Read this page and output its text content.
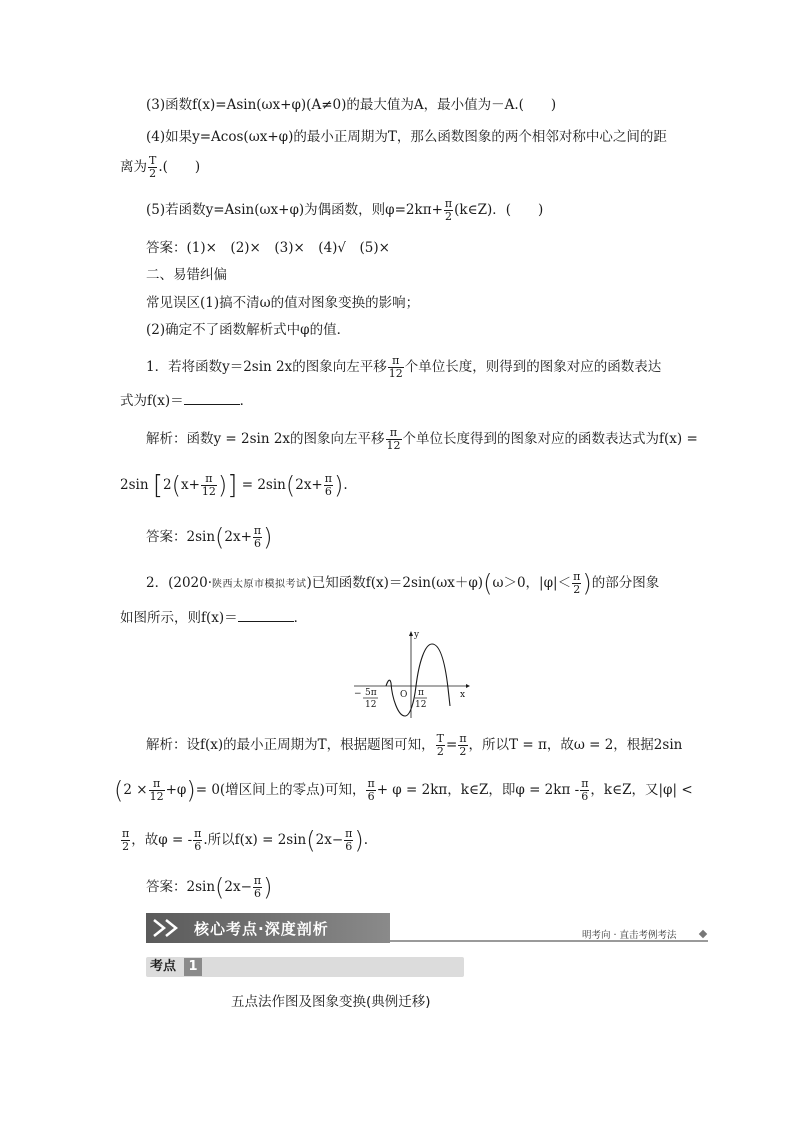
(3)函数f(x)=Asin(ωx+φ)(A≠0)的最大值为A，最小值为－A.(　　)
(4)如果y=Acos(ωx+φ)的最小正周期为T，那么函数图象的两个相邻对称中心之间的距
离为 $\frac{T}{2}$ .(　　)
(5)若函数y=Asin(ωx+φ)为偶函数，则$\varphi=2k\pi+ \frac{\pi}{2}$ (k∈Z)．(　　)
答案：(1)×　(2)×　(3)×　(4)√　(5)×
二、易错纠偏
常见误区(1)搞不清ω的值对图象变换的影响；
(2)确定不了函数解析式中φ的值．
1．若将函数y＝2sin 2x的图象向左平移 $\frac{\pi}{12}$ 个单位长度，则得到的图象对应的函数表达
式为f(x)＝	．
解析：函数y = 2sin 2x的图象向左平移 $\frac{\pi}{12}$ 个单位长度得到的图象对应的函数表达式为f(x) =
2sin [$2(x+ \frac{\pi}{12}$ )] = $2\sin(2x+ \frac{\pi}{6}$ ).
答案：$2\sin(2x+ \frac{\pi}{6}$ )
2．(2020·陕西太原市模拟考试)已知函数f(x)＝2sin(ωx＋φ)(ω＞0，$|\varphi|< \frac{\pi}{2}$ )的部分图象
如图所示，则f(x)＝	．
y
x
O
− 5π
12
π
12
解析：设f(x)的最小正周期为T，根据题图可知， $\frac{T}{2} = \frac{\pi}{2}$ ，所以T = π，故ω = 2，根据2sin
$(2 \times \frac{\pi}{12} +\varphi)= 0$(增区间上的零点)可知， $\frac{\pi}{6} + \varphi = 2k\pi$，k∈Z，即$\varphi = 2k\pi - \frac{\pi}{6}$ ，k∈Z，又|φ| <
$\frac{\pi}{2}$ ，故φ = - $\frac{\pi}{6}$ .所以$f(x) = 2\sin(2x- \frac{\pi}{6}$ ).
答案：$2\sin(2x- \frac{\pi}{6}$ )
核心考点·深度剖析	明考向 · 直击考例考法
考点 1
五点法作图及图象变换(典例迁移)
